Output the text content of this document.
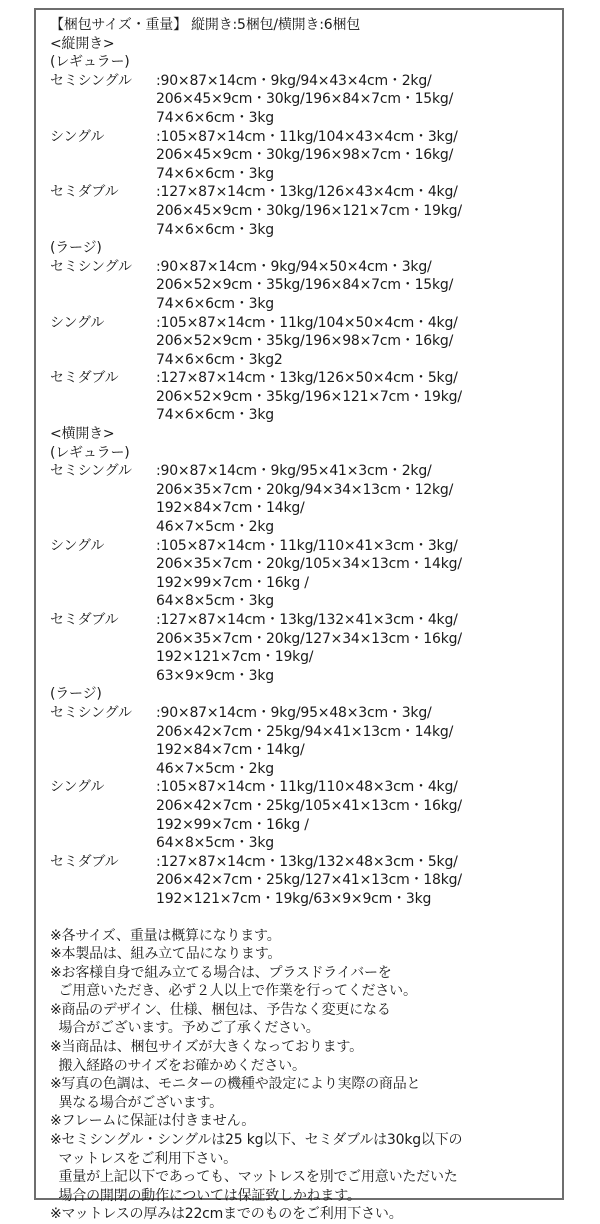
【梱包サイズ・重量】 縦開き:5梱包/横開き:6梱包
<縦開き>
(レギュラー)
セミシングル	:90×87×14cm・9kg/94×43×4cm・2kg/
206×45×9cm・30kg/196×84×7cm・15kg/
74×6×6cm・3kg
シングル	:105×87×14cm・11kg/104×43×4cm・3kg/
206×45×9cm・30kg/196×98×7cm・16kg/
74×6×6cm・3kg
セミダブル	:127×87×14cm・13kg/126×43×4cm・4kg/
206×45×9cm・30kg/196×121×7cm・19kg/
74×6×6cm・3kg
(ラージ)
セミシングル	:90×87×14cm・9kg/94×50×4cm・3kg/
206×52×9cm・35kg/196×84×7cm・15kg/
74×6×6cm・3kg
シングル	:105×87×14cm・11kg/104×50×4cm・4kg/
206×52×9cm・35kg/196×98×7cm・16kg/
74×6×6cm・3kg2
セミダブル	:127×87×14cm・13kg/126×50×4cm・5kg/
206×52×9cm・35kg/196×121×7cm・19kg/
74×6×6cm・3kg
<横開き>
(レギュラー)
セミシングル	:90×87×14cm・9kg/95×41×3cm・2kg/
206×35×7cm・20kg/94×34×13cm・12kg/
192×84×7cm・14kg/
46×7×5cm・2kg
シングル	:105×87×14cm・11kg/110×41×3cm・3kg/
206×35×7cm・20kg/105×34×13cm・14kg/
192×99×7cm・16kg /
64×8×5cm・3kg
セミダブル	:127×87×14cm・13kg/132×41×3cm・4kg/
206×35×7cm・20kg/127×34×13cm・16kg/
192×121×7cm・19kg/
63×9×9cm・3kg
(ラージ)
セミシングル	:90×87×14cm・9kg/95×48×3cm・3kg/
206×42×7cm・25kg/94×41×13cm・14kg/
192×84×7cm・14kg/
46×7×5cm・2kg
シングル	:105×87×14cm・11kg/110×48×3cm・4kg/
206×42×7cm・25kg/105×41×13cm・16kg/
192×99×7cm・16kg /
64×8×5cm・3kg
セミダブル	:127×87×14cm・13kg/132×48×3cm・5kg/
206×42×7cm・25kg/127×41×13cm・18kg/
192×121×7cm・19kg/63×9×9cm・3kg
※各サイズ、重量は概算になります。
※本製品は、組み立て品になります。
※お客様自身で組み立てる場合は、プラスドライバーを
ご用意いただき、必ず２人以上で作業を行ってください。
※商品のデザイン、仕様、梱包は、予告なく変更になる
場合がございます。予めご了承ください。
※当商品は、梱包サイズが大きくなっております。
搬入経路のサイズをお確かめください。
※写真の色調は、モニターの機種や設定により実際の商品と
異なる場合がございます。
※フレームに保証は付きません。
※セミシングル・シングルは25 kg以下、セミダブルは30kg以下の
マットレスをご利用下さい。
重量が上記以下であっても、マットレスを別でご用意いただいた
場合の開閉の動作については保証致しかねます。
※マットレスの厚みは22cmまでのものをご利用下さい。
